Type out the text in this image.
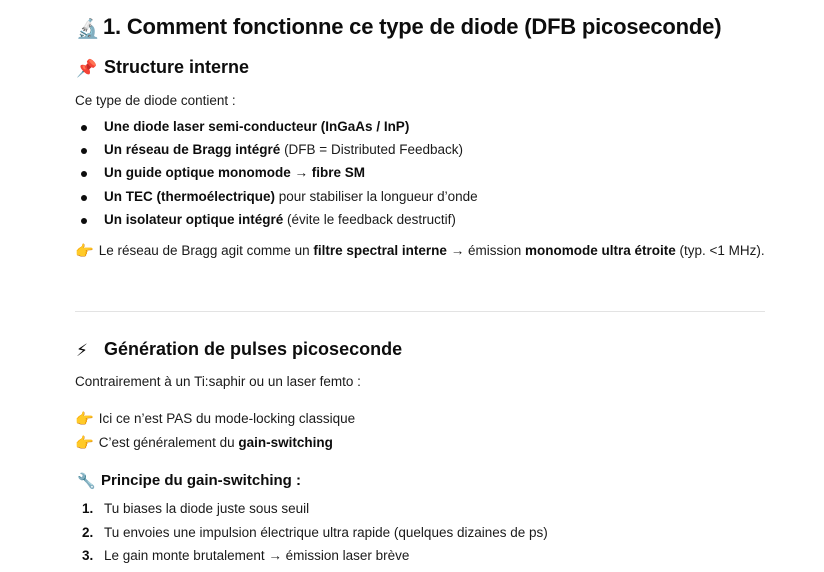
🔬 1. Comment fonctionne ce type de diode (DFB picoseconde)
📌 Structure interne
Ce type de diode contient :
Une diode laser semi-conducteur (InGaAs / InP)
Un réseau de Bragg intégré (DFB = Distributed Feedback)
Un guide optique monomode → fibre SM
Un TEC (thermoélectrique) pour stabiliser la longueur d’onde
Un isolateur optique intégré (évite le feedback destructif)
👉 Le réseau de Bragg agit comme un filtre spectral interne → émission monomode ultra étroite (typ. <1 MHz).
⚡ Génération de pulses picoseconde
Contrairement à un Ti:saphir ou un laser femto :
👉 Ici ce n’est PAS du mode-locking classique
👉 C’est généralement du gain-switching
🔧 Principe du gain-switching :
1. Tu biases la diode juste sous seuil
2. Tu envoies une impulsion électrique ultra rapide (quelques dizaines de ps)
3. Le gain monte brutalement → émission laser brève
